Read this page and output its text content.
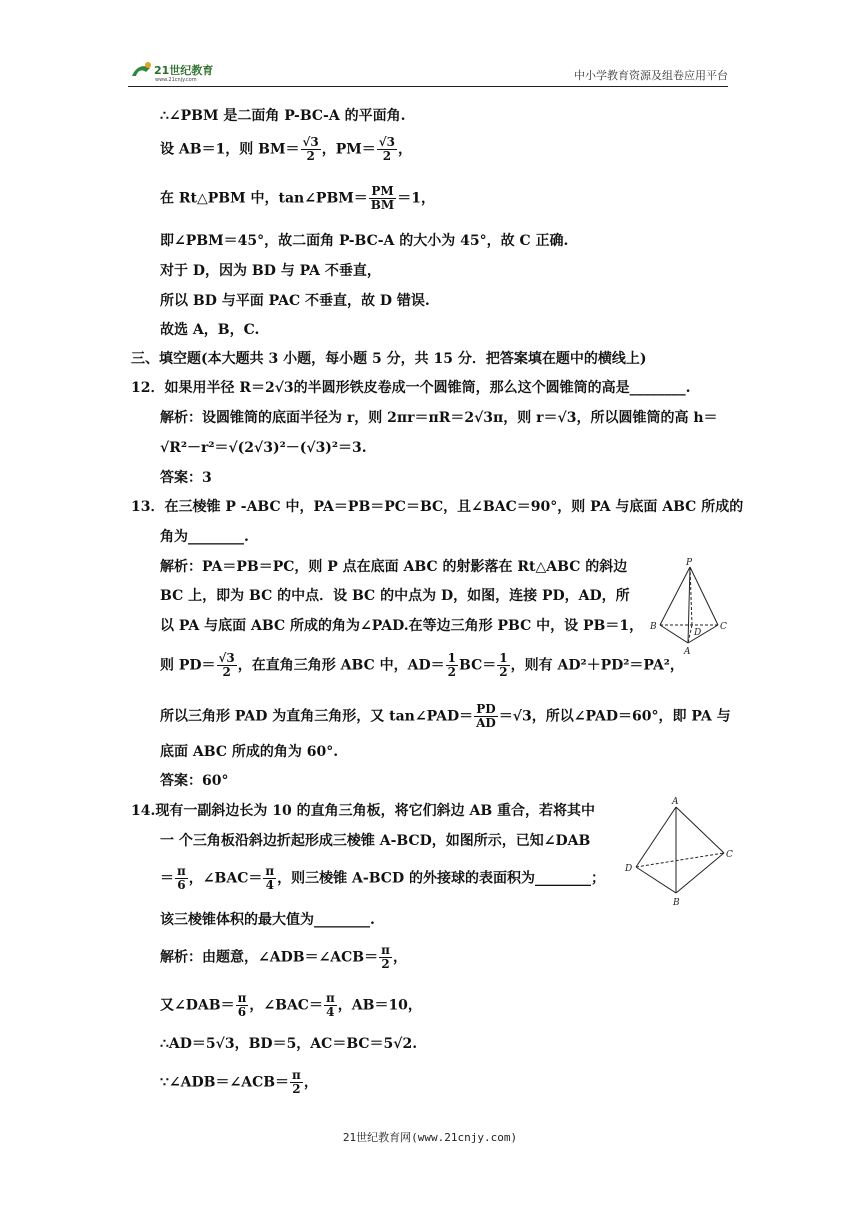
21世纪教育
www.21cnjy.com	中小学教育资源及组卷应用平台
∴∠PBM 是二面角 P-BC-A 的平面角.
设 AB＝1，则 $BM= \frac{√3}{2}$ ，$PM= \frac{√3}{2}$ ，
在 Rt△PBM 中，tan∠PBM＝ $\frac{PM}{BM} =1$，
即∠PBM＝45°，故二面角 P-BC-A 的大小为 45°，故 C 正确.
对于 D，因为 BD 与 PA 不垂直，
所以 BD 与平面 PAC 不垂直，故 D 错误.
故选 A，B，C.
三、填空题(本大题共 3 小题，每小题 5 分，共 15 分．把答案填在题中的横线上)
12．如果用半径 R＝2√3的半圆形铁皮卷成一个圆锥筒，那么这个圆锥筒的高是________.
解析：设圆锥筒的底面半径为 r，则 2πr＝πR＝2√3π，则 r＝√3，所以圆锥筒的高 h＝
√R²－r²＝√(2√3)²－(√3)²＝3.
答案：3
13．在三棱锥 P -ABC 中，PA＝PB＝PC＝BC，且∠BAC＝90°，则 PA 与底面 ABC 所成的
角为________.
解析：PA＝PB＝PC，则 P 点在底面 ABC 的射影落在 Rt△ABC 的斜边
BC 上，即为 BC 的中点．设 BC 的中点为 D，如图，连接 PD，AD，所
以 PA 与底面 ABC 所成的角为∠PAD.在等边三角形 PBC 中，设 PB＝1，
则 $PD= \frac{√3}{2}$ ，在直角三角形 ABC 中，$AD= \frac{1}{2} BC= \frac{1}{2}$ ，则有 AD²＋PD²＝PA²，
所以三角形 PAD 为直角三角形，又 tan∠PAD＝ $\frac{PD}{AD} =√3$，所以∠PAD＝60°，即 PA 与
底面 ABC 所成的角为 60°.
答案：60°
14.现有一副斜边长为 10 的直角三角板，将它们斜边 AB 重合，若将其中
一 个三角板沿斜边折起形成三棱锥 A-BCD，如图所示，已知∠DAB
＝ $\frac{\pi}{6}$ ，∠BAC＝ $\frac{\pi}{4}$ ，则三棱锥 A-BCD 的外接球的表面积为________；
该三棱锥体积的最大值为________.
解析：由题意，∠ADB＝∠ACB＝ $\frac{\pi}{2}$ ，
又∠DAB＝ $\frac{\pi}{6}$ ，∠BAC＝ $\frac{\pi}{4}$ ，AB＝10，
∴AD＝5√3，BD＝5，AC＝BC＝5√2.
∵∠ADB＝∠ACB＝ $\frac{\pi}{2}$ ，
P
B
D
C
A
A
D
C
B
21世纪教育网(www.21cnjy.com)
